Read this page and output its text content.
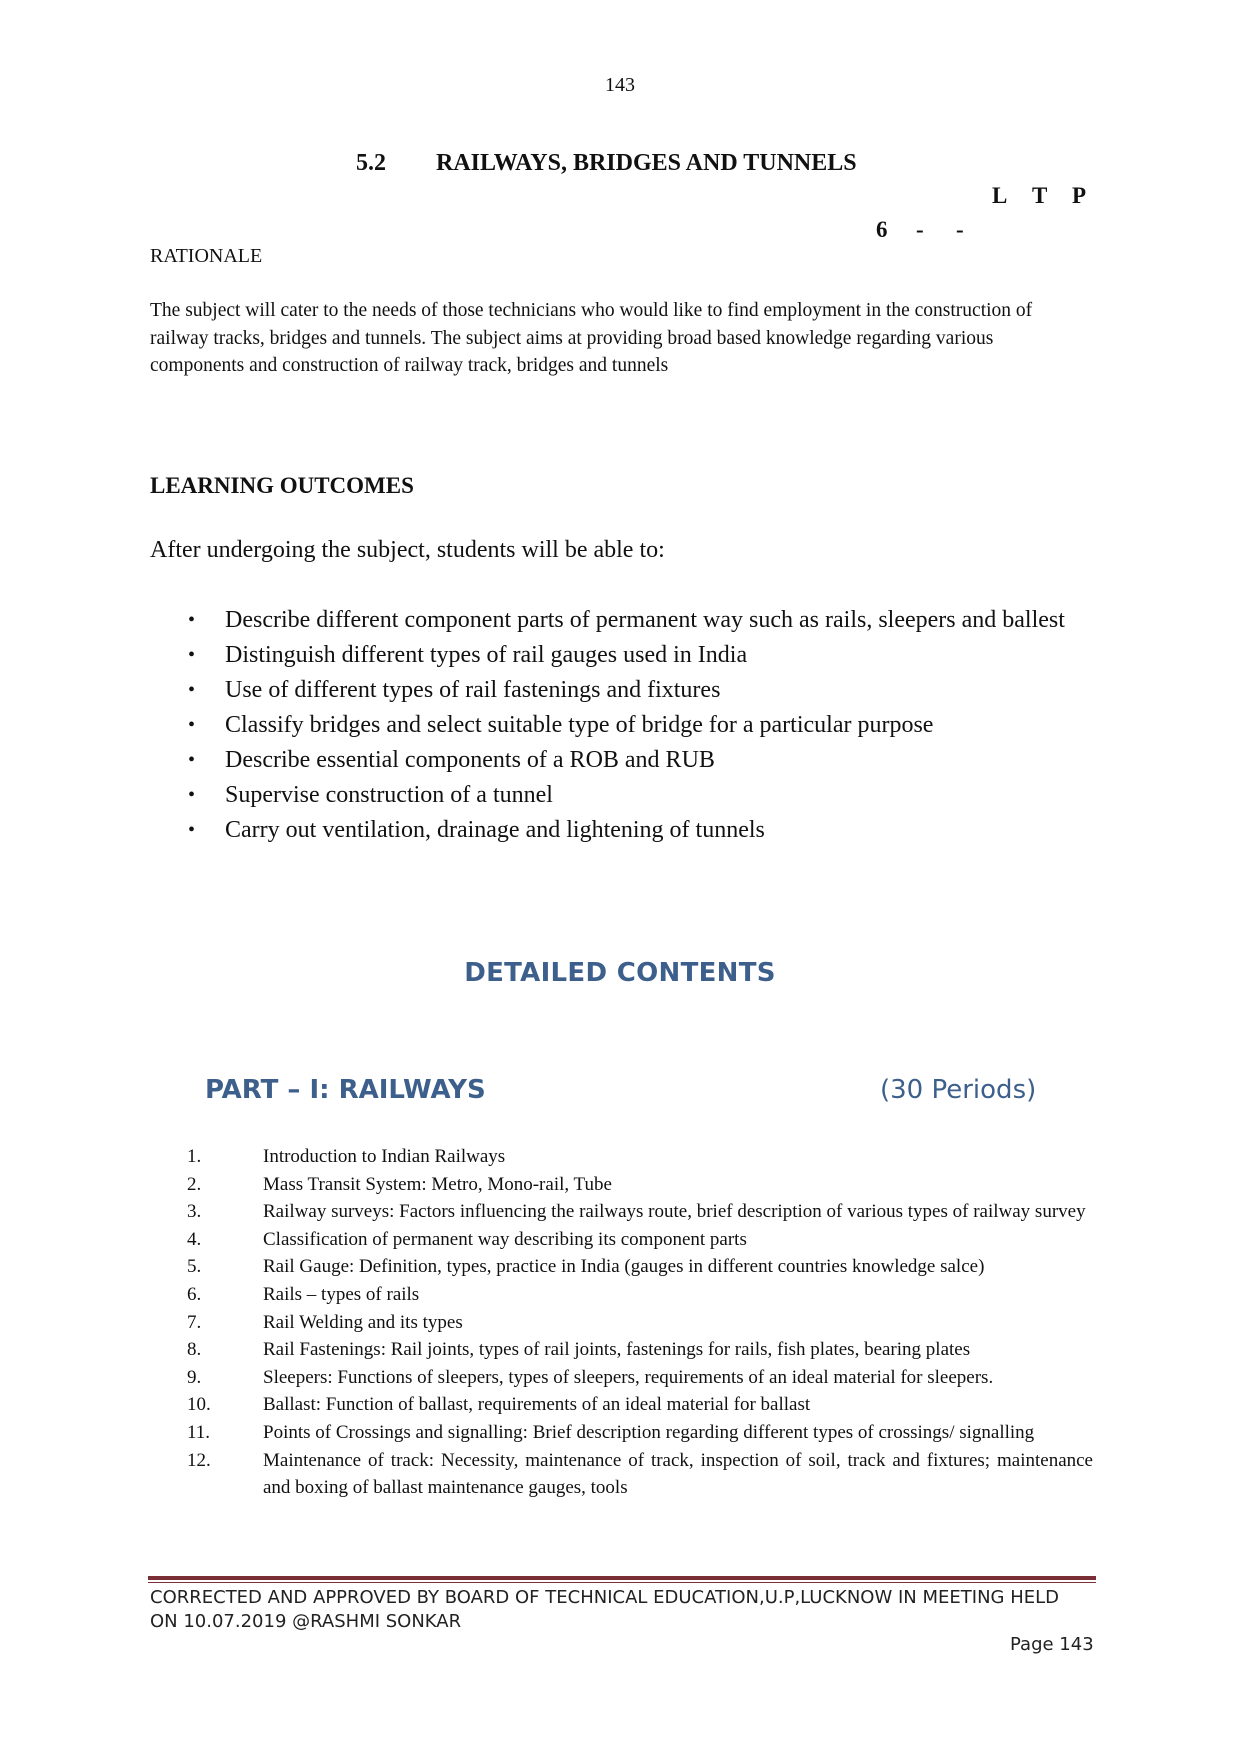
143
5.2 RAILWAYS, BRIDGES AND TUNNELS
L T P
6 - -
RATIONALE
The subject will cater to the needs of those technicians who would like to find employment in the construction of railway tracks, bridges and tunnels. The subject aims at providing broad based knowledge regarding various components and construction of railway track, bridges and tunnels
LEARNING OUTCOMES
After undergoing the subject, students will be able to:
• Describe different component parts of permanent way such as rails, sleepers and ballest
• Distinguish different types of rail gauges used in India
• Use of different types of rail fastenings and fixtures
• Classify bridges and select suitable type of bridge for a particular purpose
• Describe essential components of a ROB and RUB
• Supervise construction of a tunnel
• Carry out ventilation, drainage and lightening of tunnels
DETAILED CONTENTS
PART – I: RAILWAYS	(30 Periods)
1.	Introduction to Indian Railways
2.	Mass Transit System: Metro, Mono-rail, Tube
3.	Railway surveys: Factors influencing the railways route, brief description of various types of railway survey
4.	Classification of permanent way describing its component parts
5.	Rail Gauge: Definition, types, practice in India (gauges in different countries knowledge salce)
6.	Rails – types of rails
7.	Rail Welding and its types
8.	Rail Fastenings: Rail joints, types of rail joints, fastenings for rails, fish plates, bearing plates
9.	Sleepers: Functions of sleepers, types of sleepers, requirements of an ideal material for sleepers.
10.	Ballast: Function of ballast, requirements of an ideal material for ballast
11.	Points of Crossings and signalling: Brief description regarding different types of crossings/ signalling
12.	Maintenance of track: Necessity, maintenance of track, inspection of soil, track and fixtures; maintenance and boxing of ballast maintenance gauges, tools
CORRECTED AND APPROVED BY BOARD OF TECHNICAL EDUCATION,U.P,LUCKNOW IN MEETING HELD
ON 10.07.2019 @RASHMI SONKAR
Page 143
